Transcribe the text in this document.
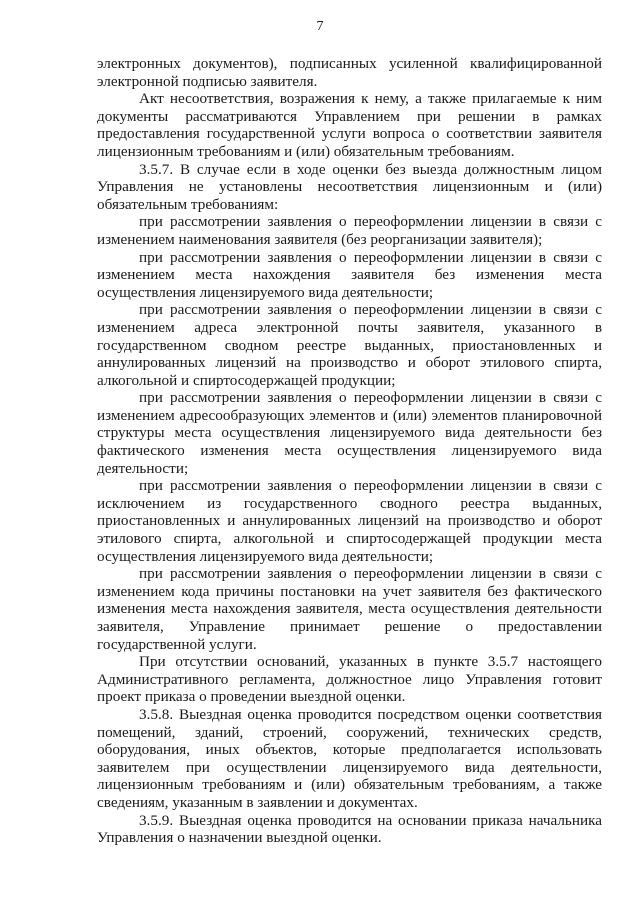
7

электронных документов), подписанных усиленной квалифицированной электронной подписью заявителя.

Акт несоответствия, возражения к нему, а также прилагаемые к ним документы рассматриваются Управлением при решении в рамках предоставления государственной услуги вопроса о соответствии заявителя лицензионным требованиям и (или) обязательным требованиям.

3.5.7. В случае если в ходе оценки без выезда должностным лицом Управления не установлены несоответствия лицензионным и (или) обязательным требованиям:

при рассмотрении заявления о переоформлении лицензии в связи с изменением наименования заявителя (без реорганизации заявителя);

при рассмотрении заявления о переоформлении лицензии в связи с изменением места нахождения заявителя без изменения места осуществления лицензируемого вида деятельности;

при рассмотрении заявления о переоформлении лицензии в связи с изменением адреса электронной почты заявителя, указанного в государственном сводном реестре выданных, приостановленных и аннулированных лицензий на производство и оборот этилового спирта, алкогольной и спиртосодержащей продукции;

при рассмотрении заявления о переоформлении лицензии в связи с изменением адресообразующих элементов и (или) элементов планировочной структуры места осуществления лицензируемого вида деятельности без фактического изменения места осуществления лицензируемого вида деятельности;

при рассмотрении заявления о переоформлении лицензии в связи с исключением из государственного сводного реестра выданных, приостановленных и аннулированных лицензий на производство и оборот этилового спирта, алкогольной и спиртосодержащей продукции места осуществления лицензируемого вида деятельности;

при рассмотрении заявления о переоформлении лицензии в связи с изменением кода причины постановки на учет заявителя без фактического изменения места нахождения заявителя, места осуществления деятельности заявителя, Управление принимает решение о предоставлении государственной услуги.

При отсутствии оснований, указанных в пункте 3.5.7 настоящего Административного регламента, должностное лицо Управления готовит проект приказа о проведении выездной оценки.

3.5.8. Выездная оценка проводится посредством оценки соответствия помещений, зданий, строений, сооружений, технических средств, оборудования, иных объектов, которые предполагается использовать заявителем при осуществлении лицензируемого вида деятельности, лицензионным требованиям и (или) обязательным требованиям, а также сведениям, указанным в заявлении и документах.

3.5.9. Выездная оценка проводится на основании приказа начальника Управления о назначении выездной оценки.
